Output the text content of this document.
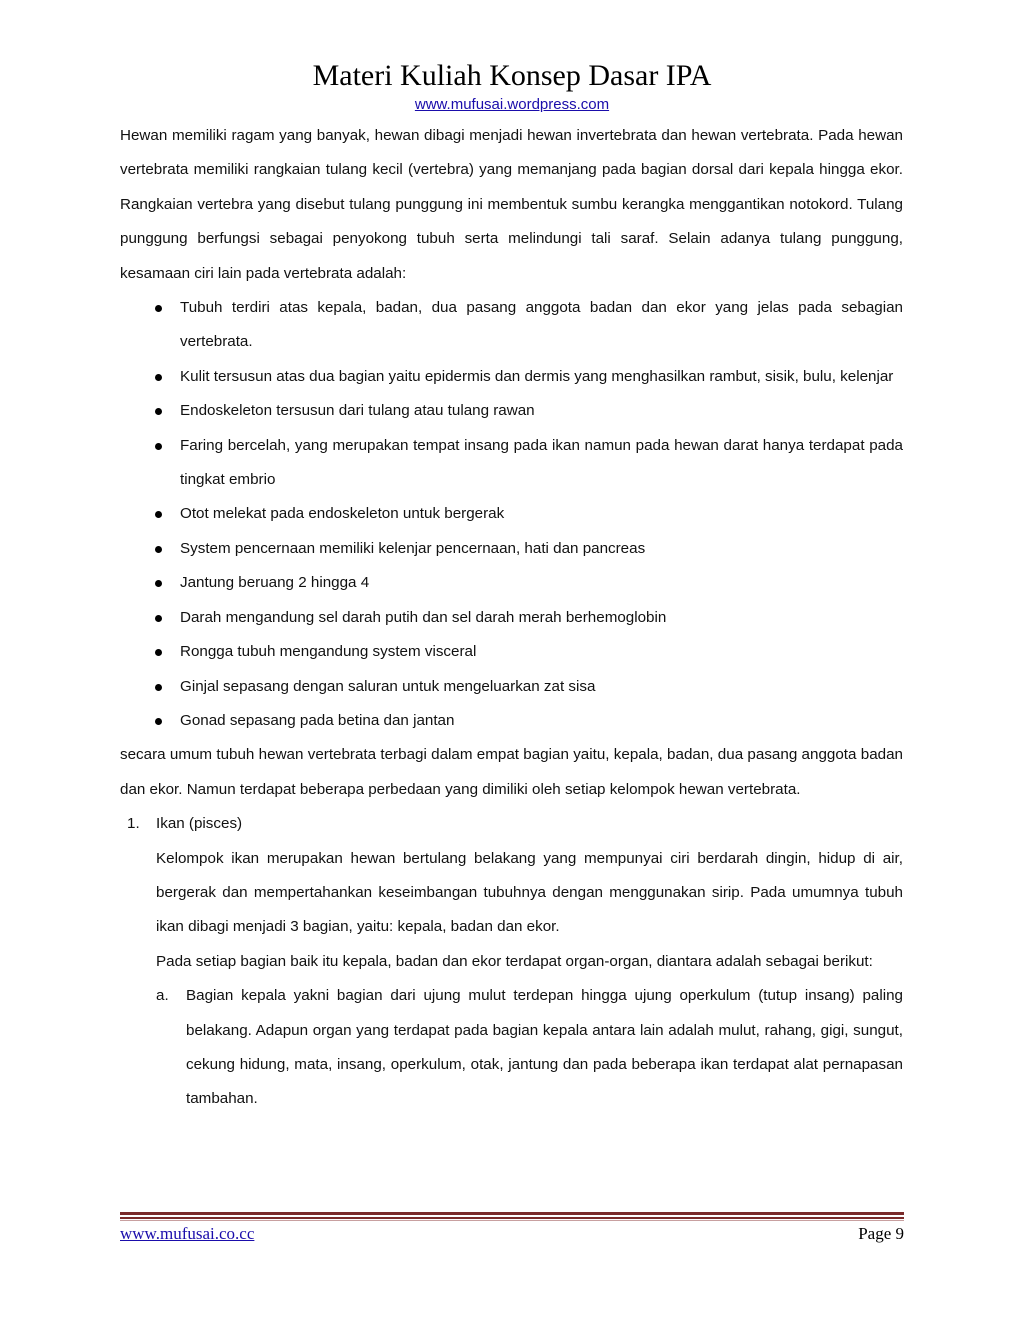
Materi Kuliah Konsep Dasar IPA
www.mufusai.wordpress.com

Hewan memiliki ragam yang banyak, hewan dibagi menjadi hewan invertebrata dan hewan vertebrata. Pada hewan vertebrata memiliki rangkaian tulang kecil (vertebra) yang memanjang pada bagian dorsal dari kepala hingga ekor. Rangkaian vertebra yang disebut tulang punggung ini membentuk sumbu kerangka menggantikan notokord. Tulang punggung berfungsi sebagai penyokong tubuh serta melindungi tali saraf. Selain adanya tulang punggung, kesamaan ciri lain pada vertebrata adalah:

Tubuh terdiri atas kepala, badan, dua pasang anggota badan dan ekor yang jelas pada sebagian vertebrata.
Kulit tersusun atas dua bagian yaitu epidermis dan dermis yang menghasilkan rambut, sisik, bulu, kelenjar
Endoskeleton tersusun dari tulang atau tulang rawan
Faring bercelah, yang merupakan tempat insang pada ikan namun pada hewan darat hanya terdapat pada tingkat embrio
Otot melekat pada endoskeleton untuk bergerak
System pencernaan memiliki kelenjar pencernaan, hati dan pancreas
Jantung beruang 2 hingga 4
Darah mengandung sel darah putih dan sel darah merah berhemoglobin
Rongga tubuh mengandung system visceral
Ginjal sepasang dengan saluran untuk mengeluarkan zat sisa
Gonad sepasang pada betina dan jantan

secara umum tubuh hewan vertebrata terbagi dalam empat bagian yaitu, kepala, badan, dua pasang anggota badan dan ekor. Namun terdapat beberapa perbedaan yang dimiliki oleh setiap kelompok hewan vertebrata.

1. Ikan (pisces)

Kelompok ikan merupakan hewan bertulang belakang yang mempunyai ciri berdarah dingin, hidup di air, bergerak dan mempertahankan keseimbangan tubuhnya dengan menggunakan sirip. Pada umumnya tubuh ikan dibagi menjadi 3 bagian, yaitu: kepala, badan dan ekor.

Pada setiap bagian baik itu kepala, badan dan ekor terdapat organ-organ, diantara adalah sebagai berikut:

a. Bagian kepala yakni bagian dari ujung mulut terdepan hingga ujung operkulum (tutup insang) paling belakang. Adapun organ yang terdapat pada bagian kepala antara lain adalah mulut, rahang, gigi, sungut, cekung hidung, mata, insang, operkulum, otak, jantung dan pada beberapa ikan terdapat alat pernapasan tambahan.
www.mufusai.co.cc	Page 9
